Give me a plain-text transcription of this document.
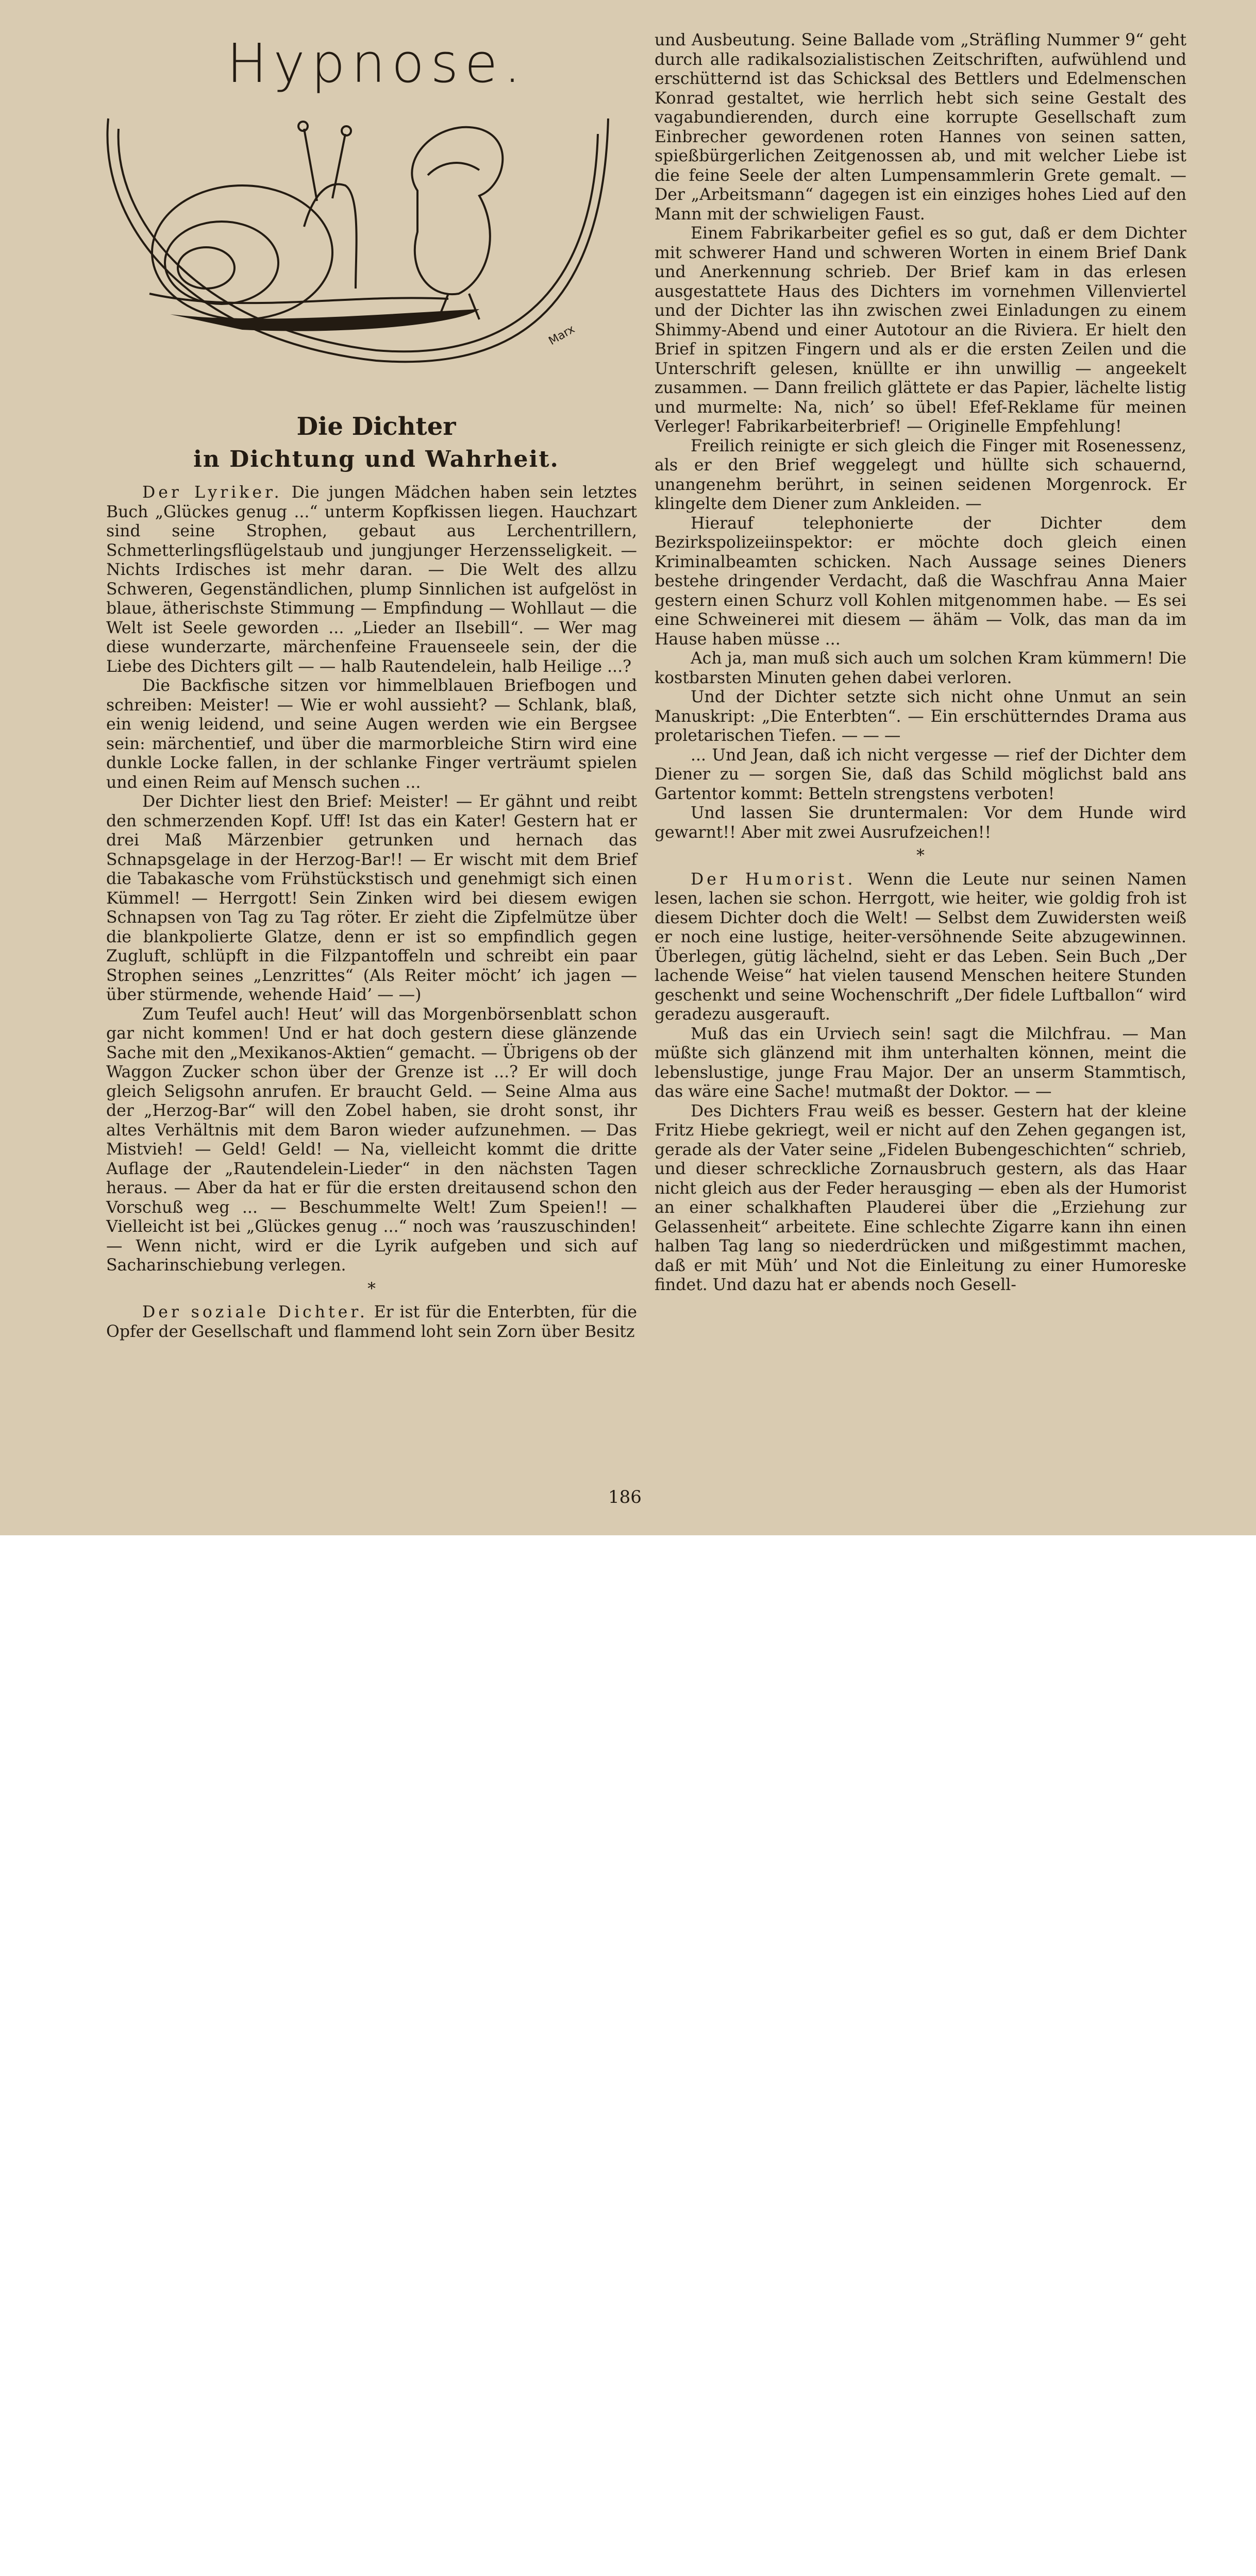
Hypnose.
Marx
Die Dichter
in Dichtung und Wahrheit.

Der Lyriker. Die jungen Mädchen haben sein letztes Buch „Glückes genug ...“ unterm Kopfkissen liegen. Hauchzart sind seine Strophen, gebaut aus Lerchentrillern, Schmetterlingsflügelstaub und jungjunger Herzensseligkeit. — Nichts Irdisches ist mehr daran. — Die Welt des allzu Schweren, Gegenständlichen, plump Sinnlichen ist aufgelöst in blaue, ätherischste Stimmung — Empfindung — Wohllaut — die Welt ist Seele geworden ... „Lieder an Ilsebill“. — Wer mag diese wunderzarte, märchenfeine Frauenseele sein, der die Liebe des Dichters gilt — — halb Rautendelein, halb Heilige ...?

Die Backfische sitzen vor himmelblauen Briefbogen und schreiben: Meister! — Wie er wohl aussieht? — Schlank, blaß, ein wenig leidend, und seine Augen werden wie ein Bergsee sein: märchentief, und über die marmorbleiche Stirn wird eine dunkle Locke fallen, in der schlanke Finger verträumt spielen und einen Reim auf Mensch suchen ...

Der Dichter liest den Brief: Meister! — Er gähnt und reibt den schmerzenden Kopf. Uff! Ist das ein Kater! Gestern hat er drei Maß Märzenbier getrunken und hernach das Schnapsgelage in der Herzog-Bar!! — Er wischt mit dem Brief die Tabakasche vom Frühstückstisch und genehmigt sich einen Kümmel! — Herrgott! Sein Zinken wird bei diesem ewigen Schnapsen von Tag zu Tag röter. Er zieht die Zipfelmütze über die blankpolierte Glatze, denn er ist so empfindlich gegen Zugluft, schlüpft in die Filzpantoffeln und schreibt ein paar Strophen seines „Lenzrittes“ (Als Reiter möcht’ ich jagen — über stürmende, wehende Haid’ — —)

Zum Teufel auch! Heut’ will das Morgenbörsenblatt schon gar nicht kommen! Und er hat doch gestern diese glänzende Sache mit den „Mexikanos-Aktien“ gemacht. — Übrigens ob der Waggon Zucker schon über der Grenze ist ...? Er will doch gleich Seligsohn anrufen. Er braucht Geld. — Seine Alma aus der „Herzog-Bar“ will den Zobel haben, sie droht sonst, ihr altes Verhältnis mit dem Baron wieder aufzunehmen. — Das Mistvieh! — Geld! Geld! — Na, vielleicht kommt die dritte Auflage der „Rautendelein-Lieder“ in den nächsten Tagen heraus. — Aber da hat er für die ersten dreitausend schon den Vorschuß weg ... — Beschummelte Welt! Zum Speien!! — Vielleicht ist bei „Glückes genug ...“ noch was ’rauszuschinden! — Wenn nicht, wird er die Lyrik aufgeben und sich auf Sacharinschiebung verlegen.

*

Der soziale Dichter. Er ist für die Enterbten, für die Opfer der Gesellschaft und flammend loht sein Zorn über Besitz

und Ausbeutung. Seine Ballade vom „Sträfling Nummer 9“ geht durch alle radikalsozialistischen Zeitschriften, aufwühlend und erschütternd ist das Schicksal des Bettlers und Edelmenschen Konrad gestaltet, wie herrlich hebt sich seine Gestalt des vagabundierenden, durch eine korrupte Gesellschaft zum Einbrecher gewordenen roten Hannes von seinen satten, spießbürgerlichen Zeitgenossen ab, und mit welcher Liebe ist die feine Seele der alten Lumpensammlerin Grete gemalt. — Der „Arbeitsmann“ dagegen ist ein einziges hohes Lied auf den Mann mit der schwieligen Faust.

Einem Fabrikarbeiter gefiel es so gut, daß er dem Dichter mit schwerer Hand und schweren Worten in einem Brief Dank und Anerkennung schrieb. Der Brief kam in das erlesen ausgestattete Haus des Dichters im vornehmen Villenviertel und der Dichter las ihn zwischen zwei Einladungen zu einem Shimmy-Abend und einer Autotour an die Riviera. Er hielt den Brief in spitzen Fingern und als er die ersten Zeilen und die Unterschrift gelesen, knüllte er ihn unwillig — angeekelt zusammen. — Dann freilich glättete er das Papier, lächelte listig und murmelte: Na, nich’ so übel! Efef-Reklame für meinen Verleger! Fabrikarbeiterbrief! — Originelle Empfehlung!

Freilich reinigte er sich gleich die Finger mit Rosenessenz, als er den Brief weggelegt und hüllte sich schauernd, unangenehm berührt, in seinen seidenen Morgenrock. Er klingelte dem Diener zum Ankleiden. —

Hierauf telephonierte der Dichter dem Bezirkspolizeiinspektor: er möchte doch gleich einen Kriminalbeamten schicken. Nach Aussage seines Dieners bestehe dringender Verdacht, daß die Waschfrau Anna Maier gestern einen Schurz voll Kohlen mitgenommen habe. — Es sei eine Schweinerei mit diesem — ähäm — Volk, das man da im Hause haben müsse ...

Ach ja, man muß sich auch um solchen Kram kümmern! Die kostbarsten Minuten gehen dabei verloren.

Und der Dichter setzte sich nicht ohne Unmut an sein Manuskript: „Die Enterbten“. — Ein erschütterndes Drama aus proletarischen Tiefen. — — —

... Und Jean, daß ich nicht vergesse — rief der Dichter dem Diener zu — sorgen Sie, daß das Schild möglichst bald ans Gartentor kommt: Betteln strengstens verboten!

Und lassen Sie druntermalen: Vor dem Hunde wird gewarnt!! Aber mit zwei Ausrufzeichen!!

*

Der Humorist. Wenn die Leute nur seinen Namen lesen, lachen sie schon. Herrgott, wie heiter, wie goldig froh ist diesem Dichter doch die Welt! — Selbst dem Zuwidersten weiß er noch eine lustige, heiter-versöhnende Seite abzugewinnen. Überlegen, gütig lächelnd, sieht er das Leben. Sein Buch „Der lachende Weise“ hat vielen tausend Menschen heitere Stunden geschenkt und seine Wochenschrift „Der fidele Luftballon“ wird geradezu ausgerauft.

Muß das ein Urviech sein! sagt die Milchfrau. — Man müßte sich glänzend mit ihm unterhalten können, meint die lebenslustige, junge Frau Major. Der an unserm Stammtisch, das wäre eine Sache! mutmaßt der Doktor. — —

Des Dichters Frau weiß es besser. Gestern hat der kleine Fritz Hiebe gekriegt, weil er nicht auf den Zehen gegangen ist, gerade als der Vater seine „Fidelen Bubengeschichten“ schrieb, und dieser schreckliche Zornausbruch gestern, als das Haar nicht gleich aus der Feder herausging — eben als der Humorist an einer schalkhaften Plauderei über die „Erziehung zur Gelassenheit“ arbeitete. Eine schlechte Zigarre kann ihn einen halben Tag lang so niederdrücken und mißgestimmt machen, daß er mit Müh’ und Not die Einleitung zu einer Humoreske findet. Und dazu hat er abends noch Gesell-

186
